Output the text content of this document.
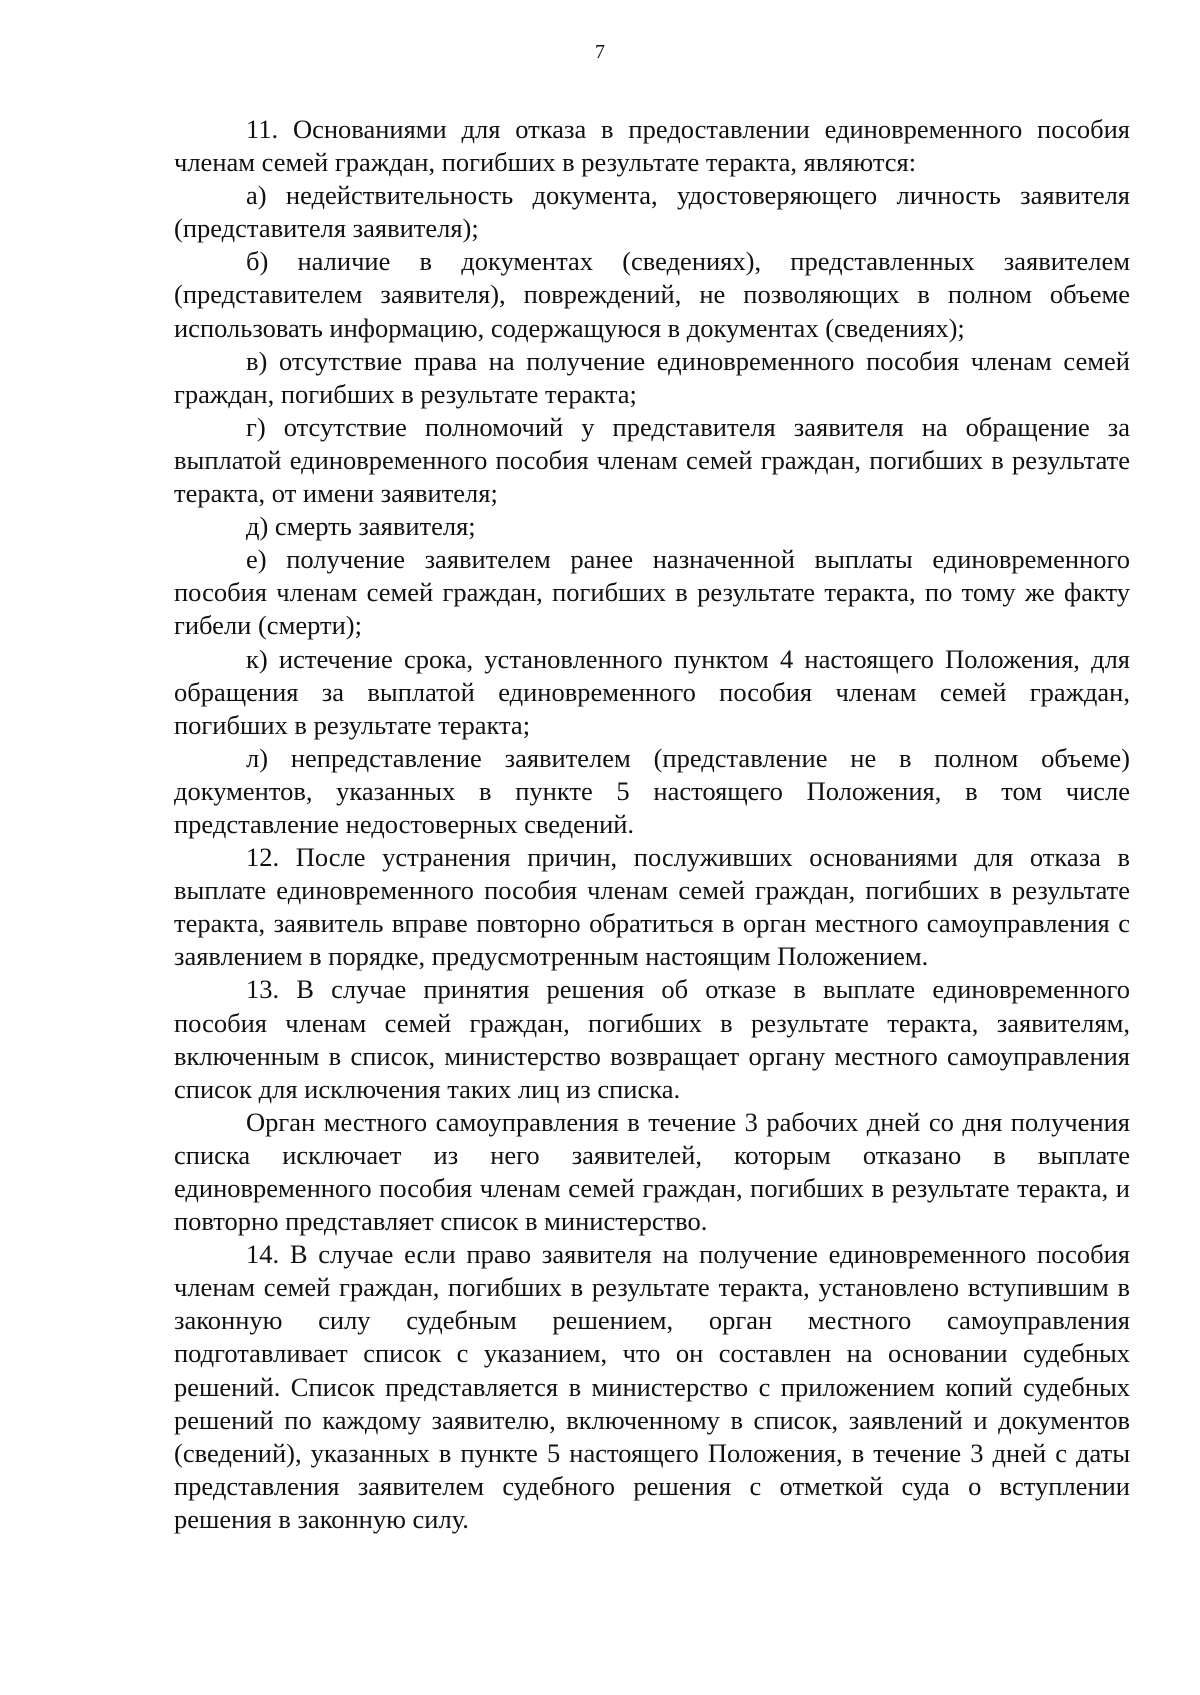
7

11. Основаниями для отказа в предоставлении единовременного пособия членам семей граждан, погибших в результате теракта, являются:

а) недействительность документа, удостоверяющего личность заявителя (представителя заявителя);

б) наличие в документах (сведениях), представленных заявителем (представителем заявителя), повреждений, не позволяющих в полном объеме использовать информацию, содержащуюся в документах (сведениях);

в) отсутствие права на получение единовременного пособия членам семей граждан, погибших в результате теракта;

г) отсутствие полномочий у представителя заявителя на обращение за выплатой единовременного пособия членам семей граждан, погибших в результате теракта, от имени заявителя;

д) смерть заявителя;

е) получение заявителем ранее назначенной выплаты единовременного пособия членам семей граждан, погибших в результате теракта, по тому же факту гибели (смерти);

к) истечение срока, установленного пунктом 4 настоящего Положения, для обращения за выплатой единовременного пособия членам семей граждан, погибших в результате теракта;

л) непредставление заявителем (представление не в полном объеме) документов, указанных в пункте 5 настоящего Положения, в том числе представление недостоверных сведений.

12. После устранения причин, послуживших основаниями для отказа в выплате единовременного пособия членам семей граждан, погибших в результате теракта, заявитель вправе повторно обратиться в орган местного самоуправления с заявлением в порядке, предусмотренным настоящим Положением.

13. В случае принятия решения об отказе в выплате единовременного пособия членам семей граждан, погибших в результате теракта, заявителям, включенным в список, министерство возвращает органу местного самоуправления список для исключения таких лиц из списка.

Орган местного самоуправления в течение 3 рабочих дней со дня получения списка исключает из него заявителей, которым отказано в выплате единовременного пособия членам семей граждан, погибших в результате теракта, и повторно представляет список в министерство.

14. В случае если право заявителя на получение единовременного пособия членам семей граждан, погибших в результате теракта, установлено вступившим в законную силу судебным решением, орган местного самоуправления подготавливает список с указанием, что он составлен на основании судебных решений. Список представляется в министерство с приложением копий судебных решений по каждому заявителю, включенному в список, заявлений и документов (сведений), указанных в пункте 5 настоящего Положения, в течение 3 дней с даты представления заявителем судебного решения с отметкой суда о вступлении решения в законную силу.
